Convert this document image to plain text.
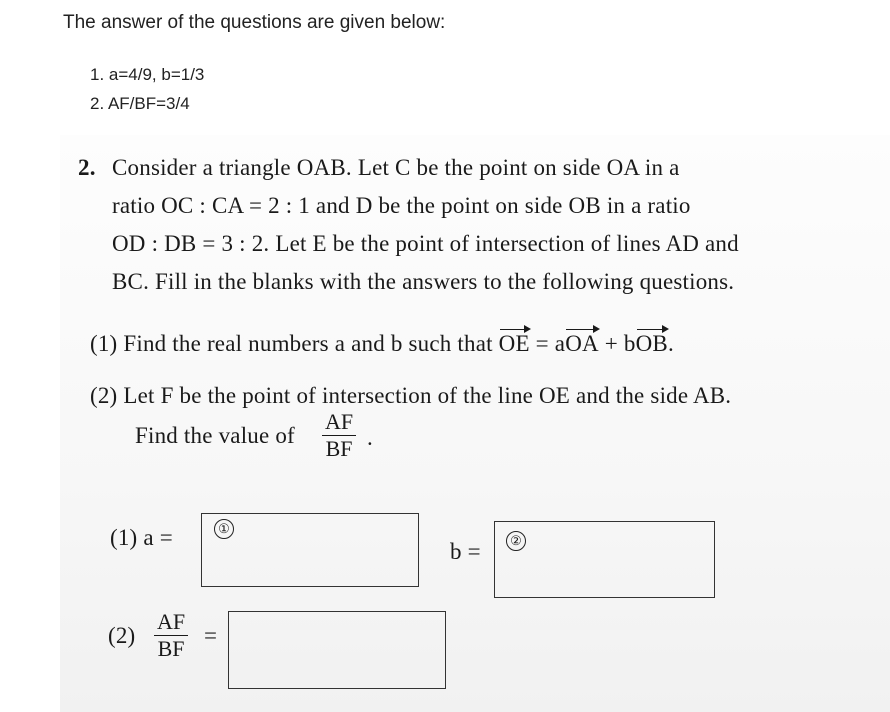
The answer of the questions are given below:
1. a=4/9, b=1/3
2. AF/BF=3/4
2. Consider a triangle OAB. Let C be the point on side OA in a
ratio OC : CA = 2 : 1 and D be the point on side OB in a ratio
OD : DB = 3 : 2. Let E be the point of intersection of lines AD and
BC. Fill in the blanks with the answers to the following questions.
(1) Find the real numbers a and b such that OE = aOA + bOB.
(2) Let F be the point of intersection of the line OE and the side AB.
Find the value of $\frac{AF}{BF}$ .
(1) a =	①
b =	②
$(2) \frac{AF}{BF}$ =
